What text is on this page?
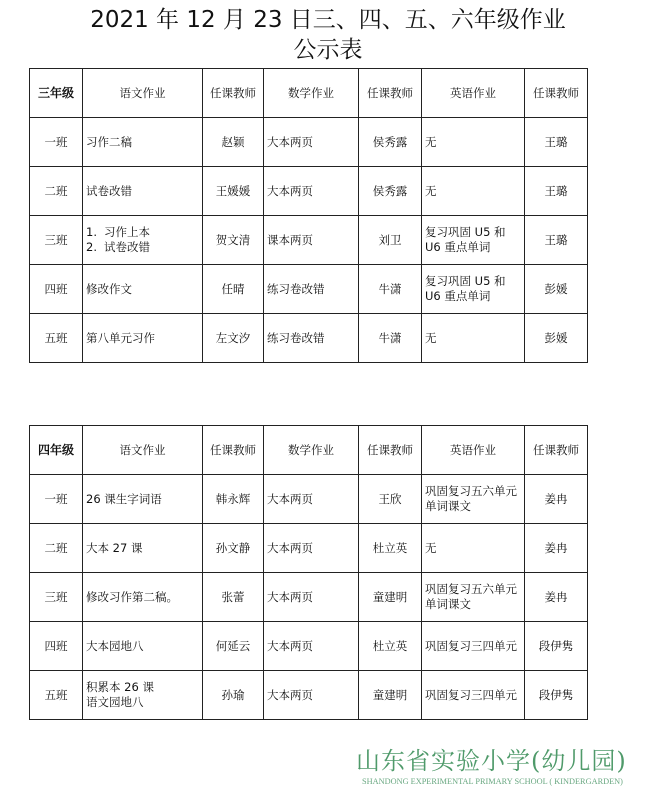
2021 年 12 月 23 日三、四、五、六年级作业
公示表
三年级	语文作业	任课教师	数学作业	任课教师	英语作业	任课教师
一班	习作二稿	赵颖	大本两页	侯秀露	无	王璐
二班	试卷改错	王媛媛	大本两页	侯秀露	无	王璐
三班	1. 习作上本
2. 试卷改错	贺文清	课本两页	刘卫	复习巩固 U5 和 U6 重点单词	王璐
四班	修改作文	任晴	练习卷改错	牛潇	复习巩固 U5 和 U6 重点单词	彭媛
五班	第八单元习作	左文汐	练习卷改错	牛潇	无	彭媛
四年级	语文作业	任课教师	数学作业	任课教师	英语作业	任课教师
一班	26 课生字词语	韩永辉	大本两页	王欣	巩固复习五六单元单词课文	姜冉
二班	大本 27 课	孙文静	大本两页	杜立英	无	姜冉
三班	修改习作第二稿。	张蕾	大本两页	童建明	巩固复习五六单元单词课文	姜冉
四班	大本园地八	何延云	大本两页	杜立英	巩固复习三四单元	段伊隽
五班	积累本 26 课
语文园地八	孙瑜	大本两页	童建明	巩固复习三四单元	段伊隽
山东省实验小学(幼儿园)
SHANDONG EXPERIMENTAL PRIMARY SCHOOL ( KINDERGARDEN)
